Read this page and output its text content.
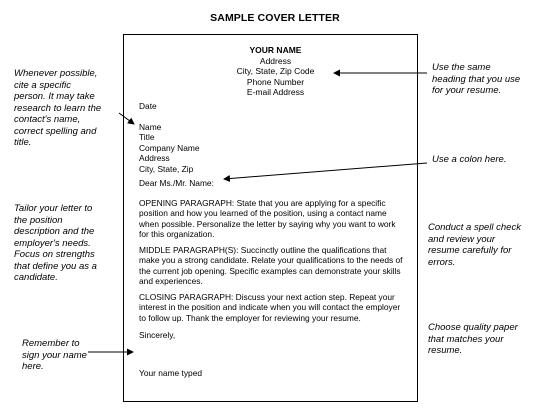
SAMPLE COVER LETTER
YOUR NAME
Address
City, State, Zip Code
Phone Number
E-mail Address
Date
Name
Title
Company Name
Address
City, State, Zip
Dear Ms./Mr. Name:
OPENING PARAGRAPH: State that you are applying for a specific
position and how you learned of the position, using a contact name
when possible. Personalize the letter by saying why you want to work
for this organization.
MIDDLE PARAGRAPH(S): Succinctly outline the qualifications that
make you a strong candidate. Relate your qualifications to the needs of
the current job opening. Specific examples can demonstrate your skills
and experiences.
CLOSING PARAGRAPH: Discuss your next action step. Repeat your
interest in the position and indicate when you will contact the employer
to follow up. Thank the employer for reviewing your resume.
Sincerely,
Your name typed
Whenever possible,
cite a specific
person. It may take
research to learn the
contact's name,
correct spelling and
title.
Use the same
heading that you use
for your resume.
Use a colon here.
Tailor your letter to
the position
description and the
employer's needs.
Focus on strengths
that define you as a
candidate.
Conduct a spell check
and review your
resume carefully for
errors.
Remember to
sign your name
here.
Choose quality paper
that matches your
resume.
